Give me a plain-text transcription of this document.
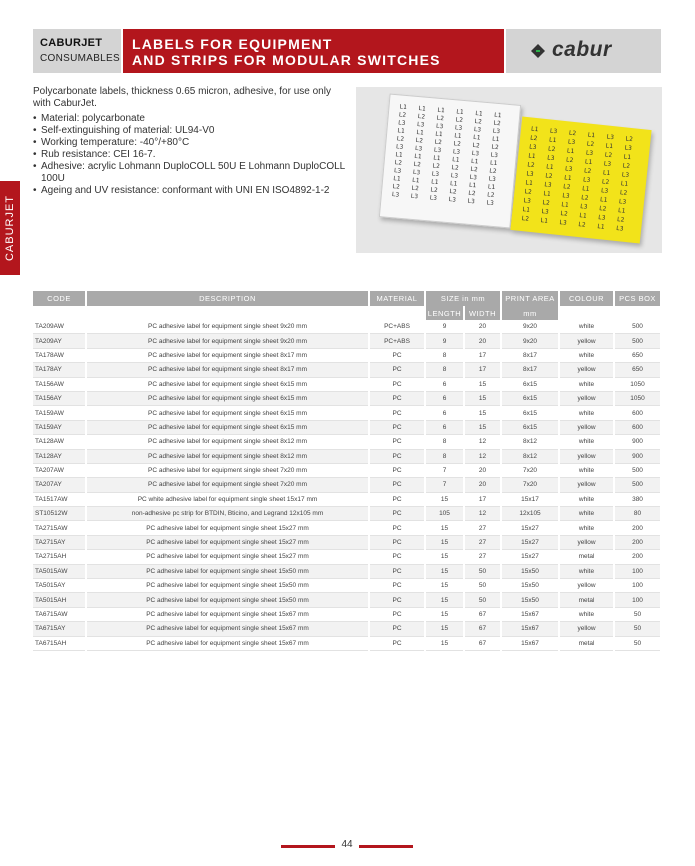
CABURJET
CONSUMABLES
LABELS FOR EQUIPMENT
AND STRIPS FOR MODULAR SWITCHES	cabur
CABURJET

Polycarbonate labels, thickness 0.65 micron, adhesive, for use only with CaburJet.

• Material: polycarbonate
• Self-extinguishing of material: UL94-V0
• Working temperature: -40°/+80°C
• Rub resistance: CEI 16-7.
• Adhesive: acrylic Lohmann DuploCOLL 50U E Lohmann DuploCOLL 100U
• Ageing and UV resistance: conformant with UNI EN ISO4892-1-2
L1
L2
L3
L1
L2
L3
L1
L2
L3
L1
L2
L3
L1
L2
L3
L1
L2
L3
L1
L2
L3
L1
L2
L3
L1
L2
L3
L1
L2
L3
L1
L2
L3
L1
L2
L3
L1
L2
L3
L1
L2
L3
L1
L2
L3
L1
L2
L3
L1
L2
L3
L1
L2
L3
L1
L2
L3
L1
L2
L3
L1
L2
L3
L1
L2
L3
L1
L2
L3
L1
L2
L3
L1
L2
L3
L1
L2
L3
L1
L2
L3
L1
L2
L3
L1
L2
L3
L1
L2
L3
L1
L2
L3
L1
L2
L3
L1
L2
L3
L1
L2
L3
L1
L2
L3
L1
L2
L3
L1
L2
L3
L1
L2
L3
L1
L2
L3
L1
L2
L3
L1
L2
L3
L1
L2
L3
L1
L2
L3
L1
L2
L3
L1
L2
L3
L1
L2
L3
CODE	DESCRIPTION	MATERIAL	SIZE in mm		PRINT AREA	COLOUR	PCS BOX
			LENGTH	WIDTH	mm		
TA209AW	PC adhesive label for equipment single sheet 9x20 mm	PC+ABS	9	20	9x20	white	500
TA209AY	PC adhesive label for equipment single sheet 9x20 mm	PC+ABS	9	20	9x20	yellow	500
TA178AW	PC adhesive label for equipment single sheet 8x17 mm	PC	8	17	8x17	white	650
TA178AY	PC adhesive label for equipment single sheet 8x17 mm	PC	8	17	8x17	yellow	650
TA156AW	PC adhesive label for equipment single sheet 6x15 mm	PC	6	15	6x15	white	1050
TA156AY	PC adhesive label for equipment single sheet 6x15 mm	PC	6	15	6x15	yellow	1050
TA159AW	PC adhesive label for equipment single sheet 6x15 mm	PC	6	15	6x15	white	600
TA159AY	PC adhesive label for equipment single sheet 6x15 mm	PC	6	15	6x15	yellow	600
TA128AW	PC adhesive label for equipment single sheet 8x12 mm	PC	8	12	8x12	white	900
TA128AY	PC adhesive label for equipment single sheet 8x12 mm	PC	8	12	8x12	yellow	900
TA207AW	PC adhesive label for equipment single sheet 7x20 mm	PC	7	20	7x20	white	500
TA207AY	PC adhesive label for equipment single sheet 7x20 mm	PC	7	20	7x20	yellow	500
TA1517AW	PC white adhesive label for equipment single sheet 15x17 mm	PC	15	17	15x17	white	380
ST10512W	non-adhesive pc strip for BTDIN, Bticino, and Legrand 12x105 mm	PC	105	12	12x105	white	80
TA2715AW	PC adhesive label for equipment single sheet 15x27 mm	PC	15	27	15x27	white	200
TA2715AY	PC adhesive label for equipment single sheet 15x27 mm	PC	15	27	15x27	yellow	200
TA2715AH	PC adhesive label for equipment single sheet 15x27 mm	PC	15	27	15x27	metal	200
TA5015AW	PC adhesive label for equipment single sheet 15x50 mm	PC	15	50	15x50	white	100
TA5015AY	PC adhesive label for equipment single sheet 15x50 mm	PC	15	50	15x50	yellow	100
TA5015AH	PC adhesive label for equipment single sheet 15x50 mm	PC	15	50	15x50	metal	100
TA6715AW	PC adhesive label for equipment single sheet 15x67 mm	PC	15	67	15x67	white	50
TA6715AY	PC adhesive label for equipment single sheet 15x67 mm	PC	15	67	15x67	yellow	50
TA6715AH	PC adhesive label for equipment single sheet 15x67 mm	PC	15	67	15x67	metal	50
44
